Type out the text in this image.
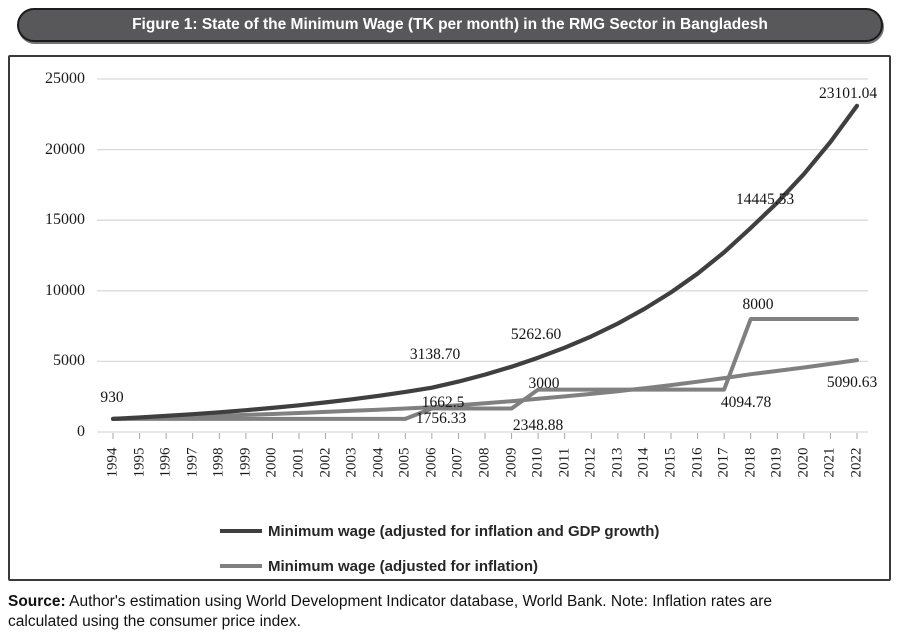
Figure 1: State of the Minimum Wage (TK per month) in the RMG Sector in Bangladesh
0
5000
10000
15000
20000
25000
1994 1995 1996 1997 1998 1999 2000 2001 2002 2003 2004 2005 2006 2007 2008 2009 2010 2011 2012 2013 2014 2015 2016 2017 2018 2019 2020 2021 2022
930
3138.70
1662.5
1756.33
5262.60
3000
2348.88
8000
4094.78
14445.53
23101.04
5090.63
Minimum wage (adjusted for inflation and GDP growth)
Minimum wage (adjusted for inflation)
Source: Author's estimation using World Development Indicator database, World Bank. Note: Inflation rates are
calculated using the consumer price index.
